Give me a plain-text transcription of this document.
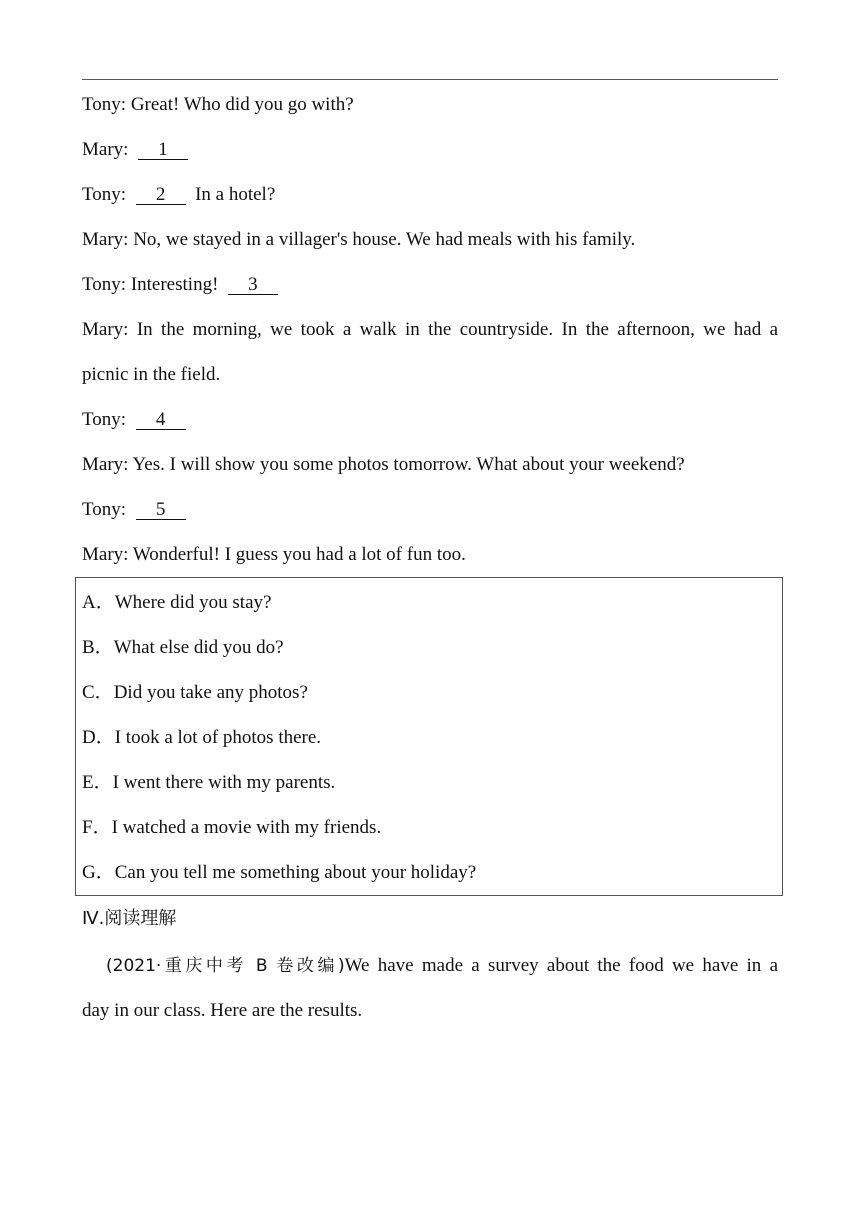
Tony: Great! Who did you go with?
Mary: 1
Tony: 2 In a hotel?
Mary: No, we stayed in a villager's house. We had meals with his family.
Tony: Interesting! 3
Mary: In the morning, we took a walk in the countryside. In the afternoon, we had a
picnic in the field.
Tony: 4
Mary: Yes. I will show you some photos tomorrow. What about your weekend?
Tony: 5
Mary: Wonderful! I guess you had a lot of fun too.
A．Where did you stay?
B．What else did you do?
C．Did you take any photos?
D．I took a lot of photos there.
E．I went there with my parents.
F．I watched a movie with my friends.
G．Can you tell me something about your holiday?
Ⅳ.阅读理解
(2021·重庆中考 B 卷改编)We have made a survey about the food we have in a
day in our class. Here are the results.
